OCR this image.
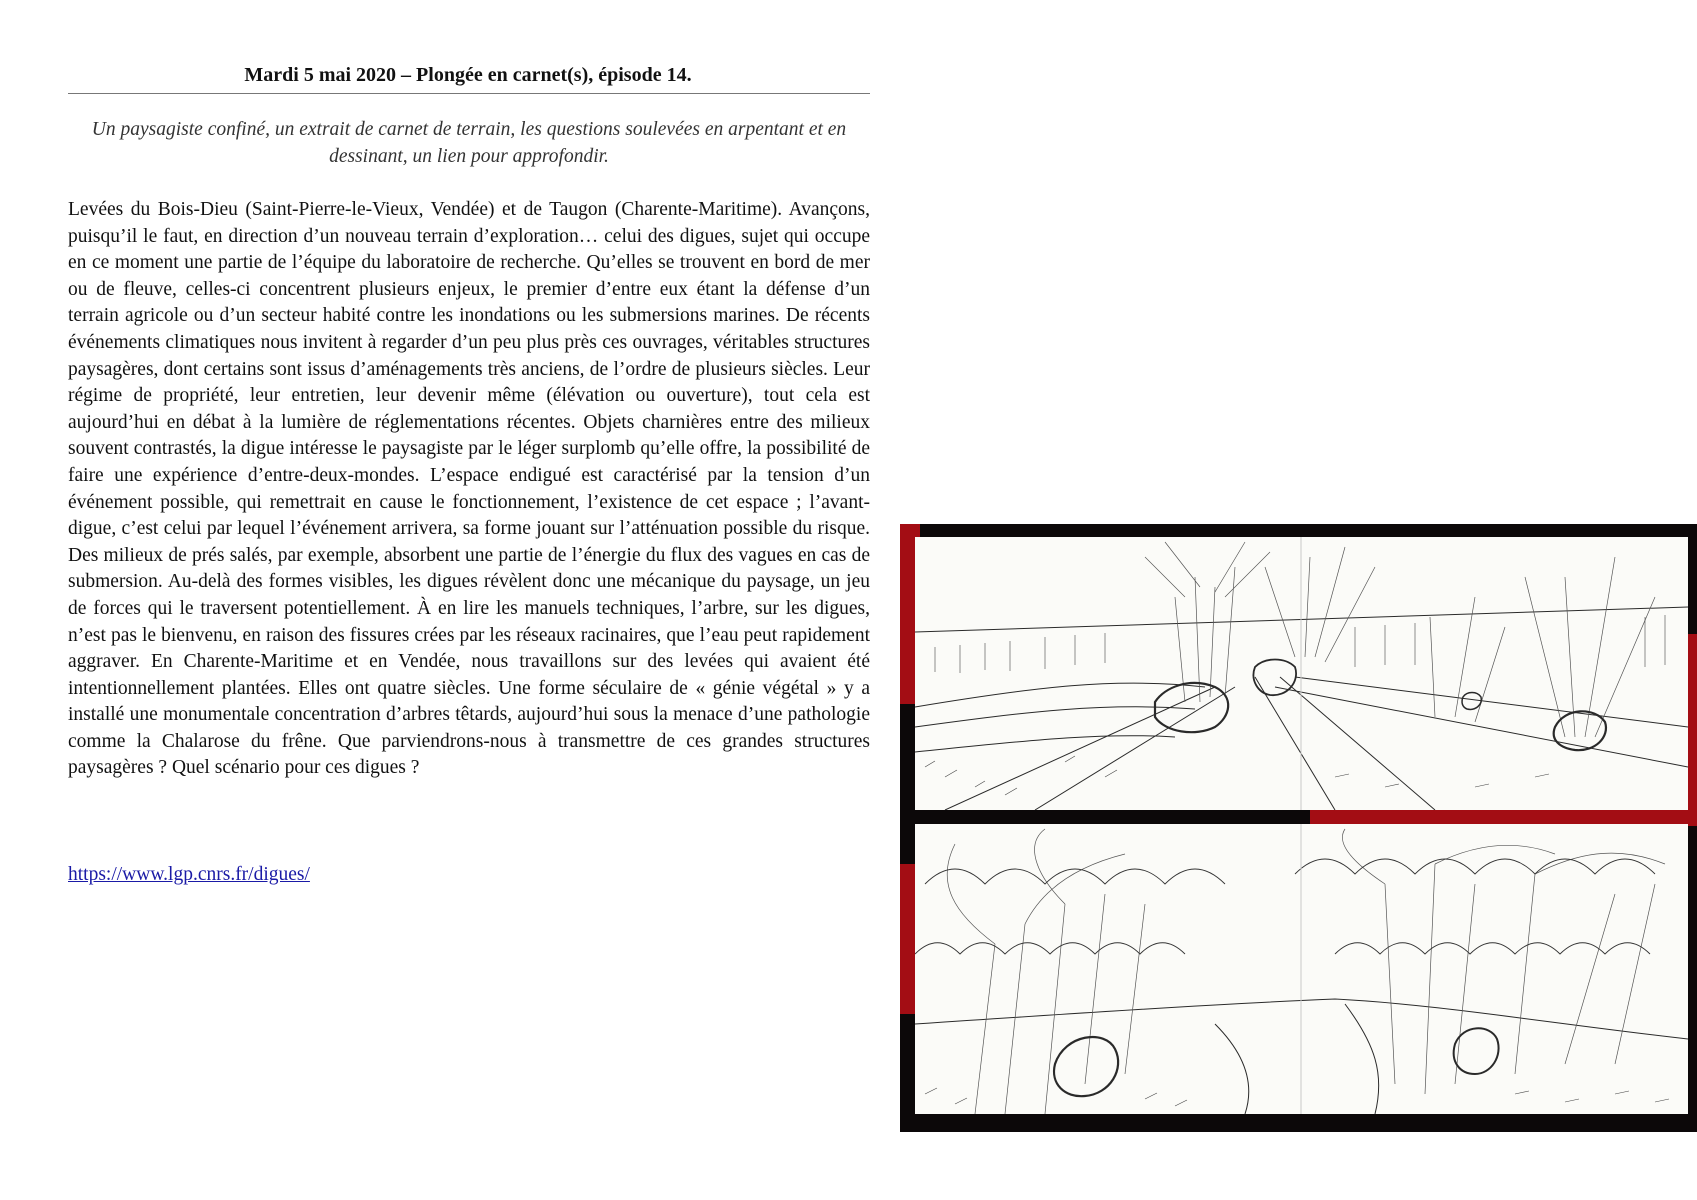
Mardi 5 mai 2020 – Plongée en carnet(s), épisode 14.
Un paysagiste confiné, un extrait de carnet de terrain, les questions soulevées en arpentant et en dessinant, un lien pour approfondir.
Levées du Bois-Dieu (Saint-Pierre-le-Vieux, Vendée) et de Taugon (Charente-Maritime). Avançons, puisqu’il le faut, en direction d’un nouveau terrain d’exploration… celui des digues, sujet qui occupe en ce moment une partie de l’équipe du laboratoire de recherche. Qu’elles se trouvent en bord de mer ou de fleuve, celles-ci concentrent plusieurs enjeux, le premier d’entre eux étant la défense d’un terrain agricole ou d’un secteur habité contre les inondations ou les submersions marines. De récents événements climatiques nous invitent à regarder d’un peu plus près ces ouvrages, véritables structures paysagères, dont certains sont issus d’aménagements très anciens, de l’ordre de plusieurs siècles. Leur régime de propriété, leur entretien, leur devenir même (élévation ou ouverture), tout cela est aujourd’hui en débat à la lumière de réglementations récentes. Objets charnières entre des milieux souvent contrastés, la digue intéresse le paysagiste par le léger surplomb qu’elle offre, la possibilité de faire une expérience d’entre-deux-mondes. L’espace endigué est caractérisé par la tension d’un événement possible, qui remettrait en cause le fonctionnement, l’existence de cet espace ; l’avant-digue, c’est celui par lequel l’événement arrivera, sa forme jouant sur l’atténuation possible du risque. Des milieux de prés salés, par exemple, absorbent une partie de l’énergie du flux des vagues en cas de submersion. Au-delà des formes visibles, les digues révèlent donc une mécanique du paysage, un jeu de forces qui le traversent potentiellement. À en lire les manuels techniques, l’arbre, sur les digues, n’est pas le bienvenu, en raison des fissures crées par les réseaux racinaires, que l’eau peut rapidement aggraver. En Charente-Maritime et en Vendée, nous travaillons sur des levées qui avaient été intentionnellement plantées. Elles ont quatre siècles. Une forme séculaire de « génie végétal » y a installé une monumentale concentration d’arbres têtards, aujourd’hui sous la menace d’une pathologie comme la Chalarose du frêne. Que parviendrons-nous à transmettre de ces grandes structures paysagères ? Quel scénario pour ces digues ?
https://www.lgp.cnrs.fr/digues/
